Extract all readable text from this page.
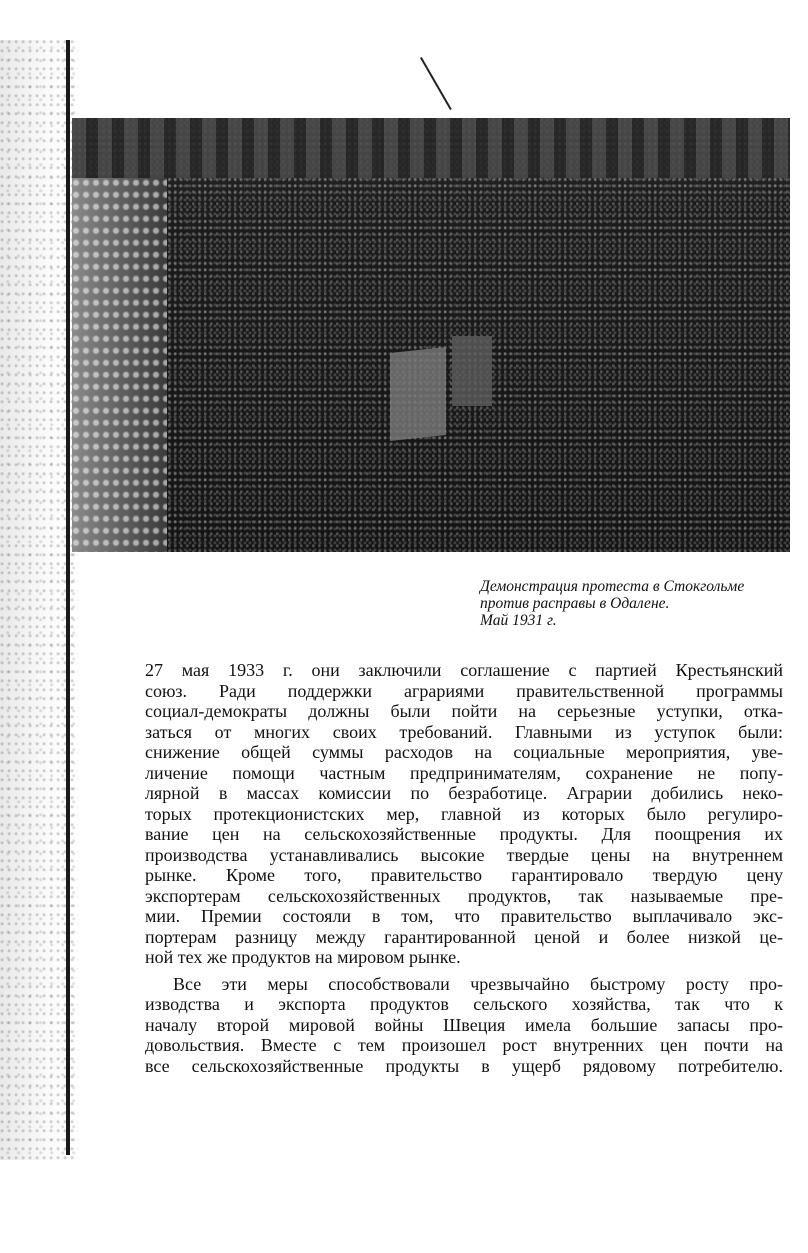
Демонстрация протеста в Стокгольме
против расправы в Одалене.
Май 1931 г.
27 мая 1933 г. они заключили соглашение с партией Крестьянский
союз. Ради поддержки аграриями правительственной программы
социал-демократы должны были пойти на серьезные уступки, отка-
заться от многих своих требований. Главными из уступок были:
снижение общей суммы расходов на социальные мероприятия, уве-
личение помощи частным предпринимателям, сохранение не попу-
лярной в массах комиссии по безработице. Аграрии добились неко-
торых протекционистских мер, главной из которых было регулиро-
вание цен на сельскохозяйственные продукты. Для поощрения их
производства устанавливались высокие твердые цены на внутреннем
рынке. Кроме того, правительство гарантировало твердую цену
экспортерам сельскохозяйственных продуктов, так называемые пре-
мии. Премии состояли в том, что правительство выплачивало экс-
портерам разницу между гарантированной ценой и более низкой це-
ной тех же продуктов на мировом рынке.
Все эти меры способствовали чрезвычайно быстрому росту про-
изводства и экспорта продуктов сельского хозяйства, так что к
началу второй мировой войны Швеция имела большие запасы про-
довольствия. Вместе с тем произошел рост внутренних цен почти на
все сельскохозяйственные продукты в ущерб рядовому потребителю.
